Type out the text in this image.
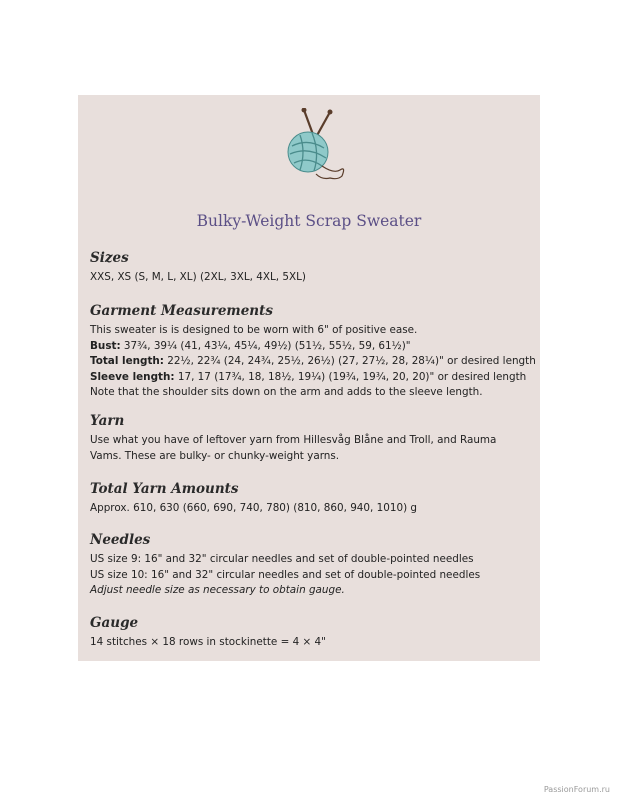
Bulky-Weight Scrap Sweater
Sizes
XXS, XS (S, M, L, XL) (2XL, 3XL, 4XL, 5XL)
Garment Measurements
This sweater is is designed to be worn with 6" of positive ease.
Bust: 37¾, 39¼ (41, 43¼, 45¼, 49½) (51½, 55½, 59, 61½)"
Total length: 22½, 22¾ (24, 24¾, 25½, 26½) (27, 27½, 28, 28¼)" or desired length
Sleeve length: 17, 17 (17¾, 18, 18½, 19¼) (19¾, 19¾, 20, 20)" or desired length
Note that the shoulder sits down on the arm and adds to the sleeve length.
Yarn
Use what you have of leftover yarn from Hillesvåg Blåne and Troll, and Rauma Vams. These are bulky- or chunky-weight yarns.
Total Yarn Amounts
Approx. 610, 630 (660, 690, 740, 780) (810, 860, 940, 1010) g
Needles
US size 9: 16" and 32" circular needles and set of double-pointed needles
US size 10: 16" and 32" circular needles and set of double-pointed needles
Adjust needle size as necessary to obtain gauge.
Gauge
14 stitches × 18 rows in stockinette = 4 × 4"
PassionForum.ru
